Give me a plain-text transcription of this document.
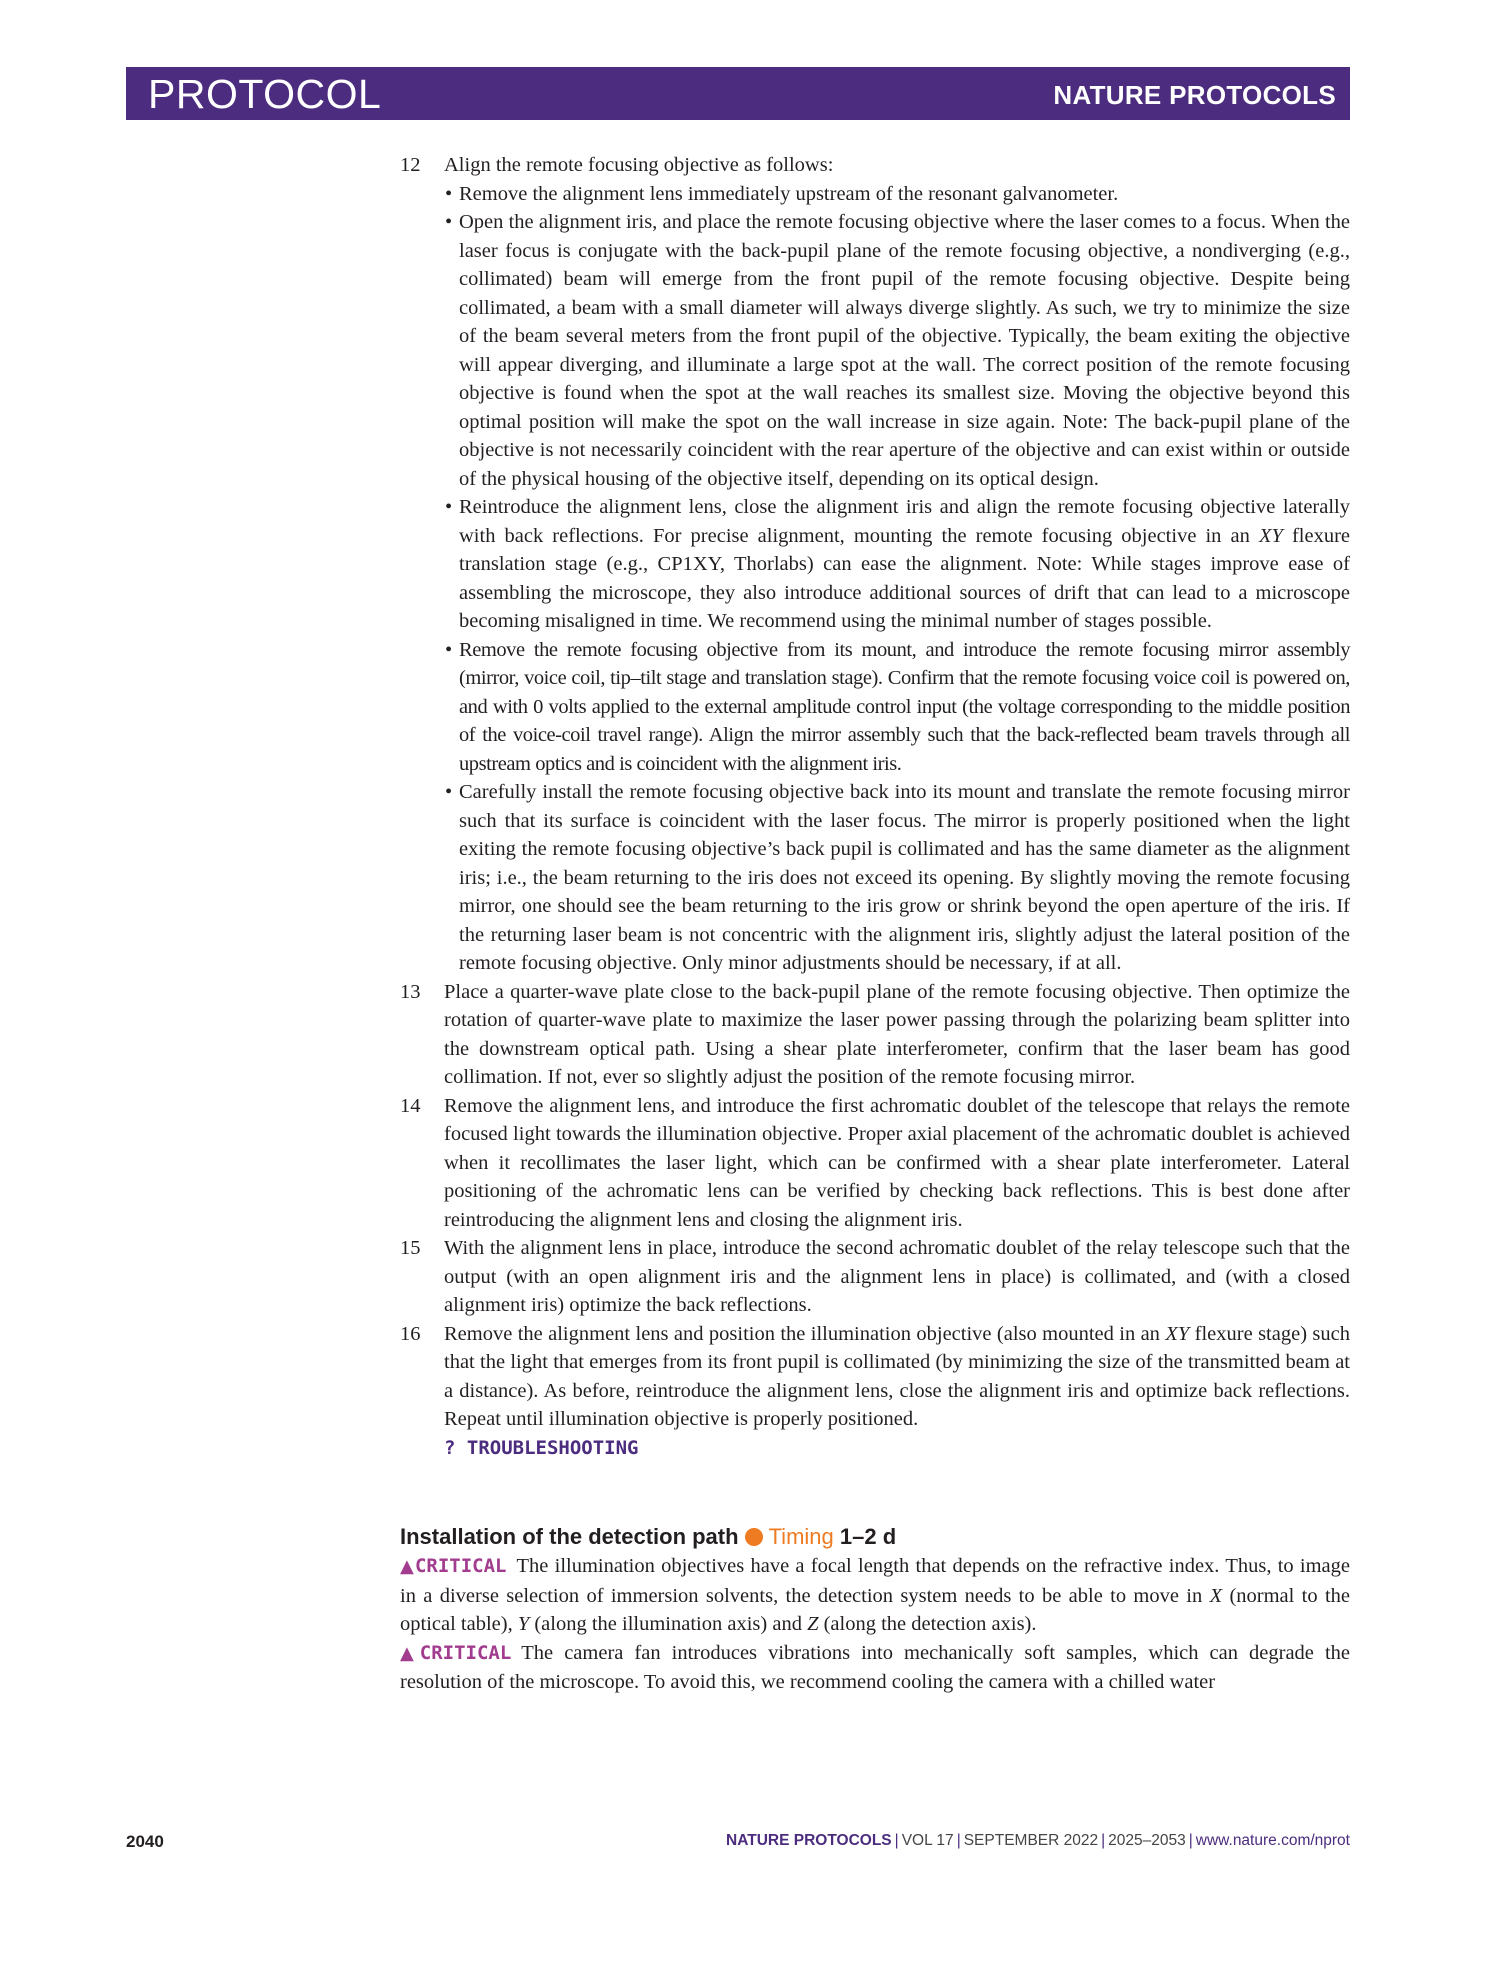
PROTOCOL	NATURE PROTOCOLS
12 Align the remote focusing objective as follows:

• Remove the alignment lens immediately upstream of the resonant galvanometer.
• Open the alignment iris, and place the remote focusing objective where the laser comes to a focus. When the laser focus is conjugate with the back-pupil plane of the remote focusing objective, a nondiverging (e.g., collimated) beam will emerge from the front pupil of the remote focusing objective. Despite being collimated, a beam with a small diameter will always diverge slightly. As such, we try to minimize the size of the beam several meters from the front pupil of the objective. Typically, the beam exiting the objective will appear diverging, and illuminate a large spot at the wall. The correct position of the remote focusing objective is found when the spot at the wall reaches its smallest size. Moving the objective beyond this optimal position will make the spot on the wall increase in size again. Note: The back-pupil plane of the objective is not necessarily coincident with the rear aperture of the objective and can exist within or outside of the physical housing of the objective itself, depending on its optical design.
• Reintroduce the alignment lens, close the alignment iris and align the remote focusing objective laterally with back reflections. For precise alignment, mounting the remote focusing objective in an XY flexure translation stage (e.g., CP1XY, Thorlabs) can ease the alignment. Note: While stages improve ease of assembling the microscope, they also introduce additional sources of drift that can lead to a microscope becoming misaligned in time. We recommend using the minimal number of stages possible.
• Remove the remote focusing objective from its mount, and introduce the remote focusing mirror assembly (mirror, voice coil, tip–tilt stage and translation stage). Confirm that the remote focusing voice coil is powered on, and with 0 volts applied to the external amplitude control input (the voltage corresponding to the middle position of the voice-coil travel range). Align the mirror assembly such that the back-reflected beam travels through all upstream optics and is coincident with the alignment iris.
• Carefully install the remote focusing objective back into its mount and translate the remote focusing mirror such that its surface is coincident with the laser focus. The mirror is properly positioned when the light exiting the remote focusing objective’s back pupil is collimated and has the same diameter as the alignment iris; i.e., the beam returning to the iris does not exceed its opening. By slightly moving the remote focusing mirror, one should see the beam returning to the iris grow or shrink beyond the open aperture of the iris. If the returning laser beam is not concentric with the alignment iris, slightly adjust the lateral position of the remote focusing objective. Only minor adjustments should be necessary, if at all.
13 Place a quarter-wave plate close to the back-pupil plane of the remote focusing objective. Then optimize the rotation of quarter-wave plate to maximize the laser power passing through the polarizing beam splitter into the downstream optical path. Using a shear plate interferometer, confirm that the laser beam has good collimation. If not, ever so slightly adjust the position of the remote focusing mirror.

14 Remove the alignment lens, and introduce the first achromatic doublet of the telescope that relays the remote focused light towards the illumination objective. Proper axial placement of the achromatic doublet is achieved when it recollimates the laser light, which can be confirmed with a shear plate interferometer. Lateral positioning of the achromatic lens can be verified by checking back reflections. This is best done after reintroducing the alignment lens and closing the alignment iris.

15 With the alignment lens in place, introduce the second achromatic doublet of the relay telescope such that the output (with an open alignment iris and the alignment lens in place) is collimated, and (with a closed alignment iris) optimize the back reflections.

16 Remove the alignment lens and position the illumination objective (also mounted in an XY flexure stage) such that the light that emerges from its front pupil is collimated (by minimizing the size of the transmitted beam at a distance). As before, reintroduce the alignment lens, close the alignment iris and optimize back reflections. Repeat until illumination objective is properly positioned.

? TROUBLESHOOTING

Installation of the detection path Timing 1–2 d

▲CRITICAL The illumination objectives have a focal length that depends on the refractive index. Thus, to image in a diverse selection of immersion solvents, the detection system needs to be able to move in X (normal to the optical table), Y (along the illumination axis) and Z (along the detection axis).

▲CRITICAL The camera fan introduces vibrations into mechanically soft samples, which can degrade the resolution of the microscope. To avoid this, we recommend cooling the camera with a chilled water

2040	NATURE PROTOCOLS | VOL 17 | SEPTEMBER 2022 | 2025–2053 | www.nature.com/nprot
